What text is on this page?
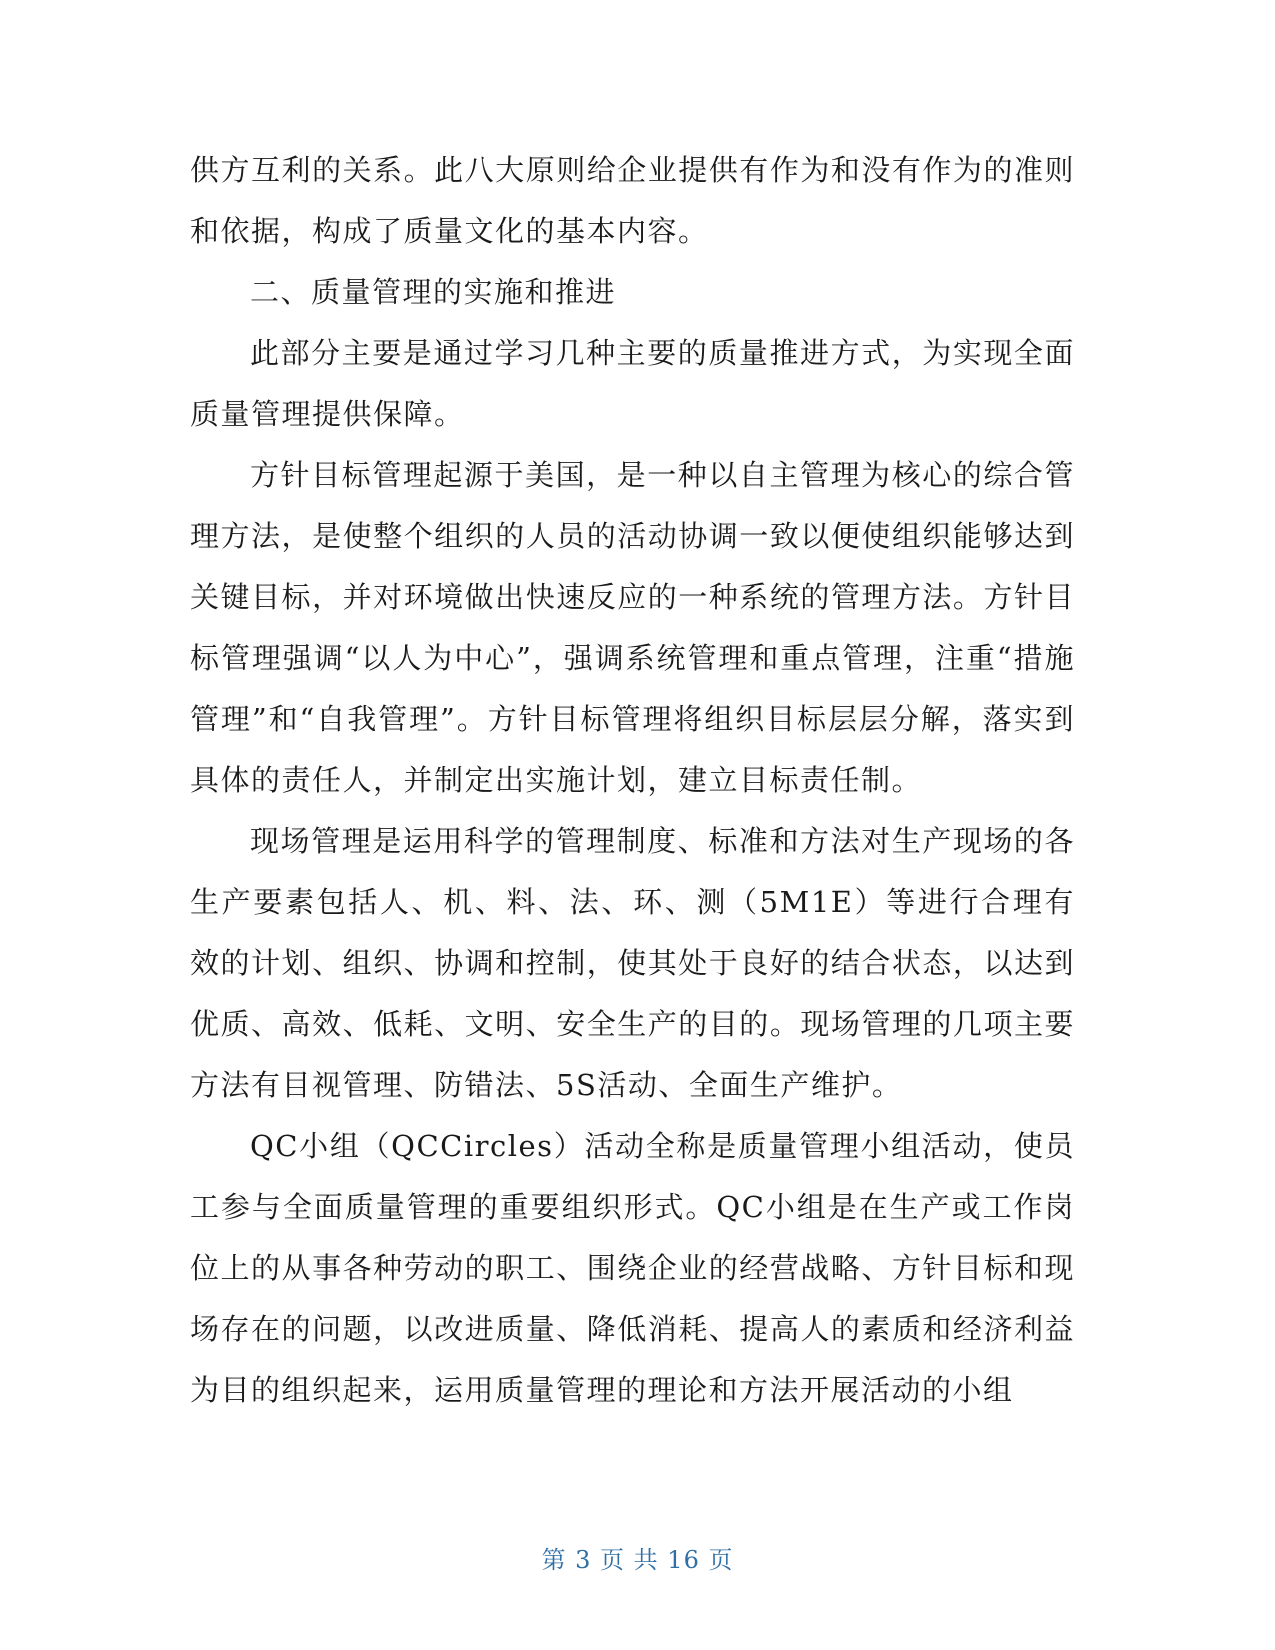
供方互利的关系。此八大原则给企业提供有作为和没有作为的准则和依据，构成了质量文化的基本内容。

二、质量管理的实施和推进

此部分主要是通过学习几种主要的质量推进方式，为实现全面质量管理提供保障。

方针目标管理起源于美国，是一种以自主管理为核心的综合管理方法，是使整个组织的人员的活动协调一致以便使组织能够达到关键目标，并对环境做出快速反应的一种系统的管理方法。方针目标管理强调“以人为中心”，强调系统管理和重点管理，注重“措施管理”和“自我管理”。方针目标管理将组织目标层层分解，落实到具体的责任人，并制定出实施计划，建立目标责任制。

现场管理是运用科学的管理制度、标准和方法对生产现场的各生产要素包括人、机、料、法、环、测（5M1E）等进行合理有效的计划、组织、协调和控制，使其处于良好的结合状态，以达到优质、高效、低耗、文明、安全生产的目的。现场管理的几项主要方法有目视管理、防错法、5S活动、全面生产维护。

QC小组（QCCircles）活动全称是质量管理小组活动，使员工参与全面质量管理的重要组织形式。QC小组是在生产或工作岗位上的从事各种劳动的职工、围绕企业的经营战略、方针目标和现场存在的问题，以改进质量、降低消耗、提高人的素质和经济利益为目的组织起来，运用质量管理的理论和方法开展活动的小组

第 3 页 共 16 页
